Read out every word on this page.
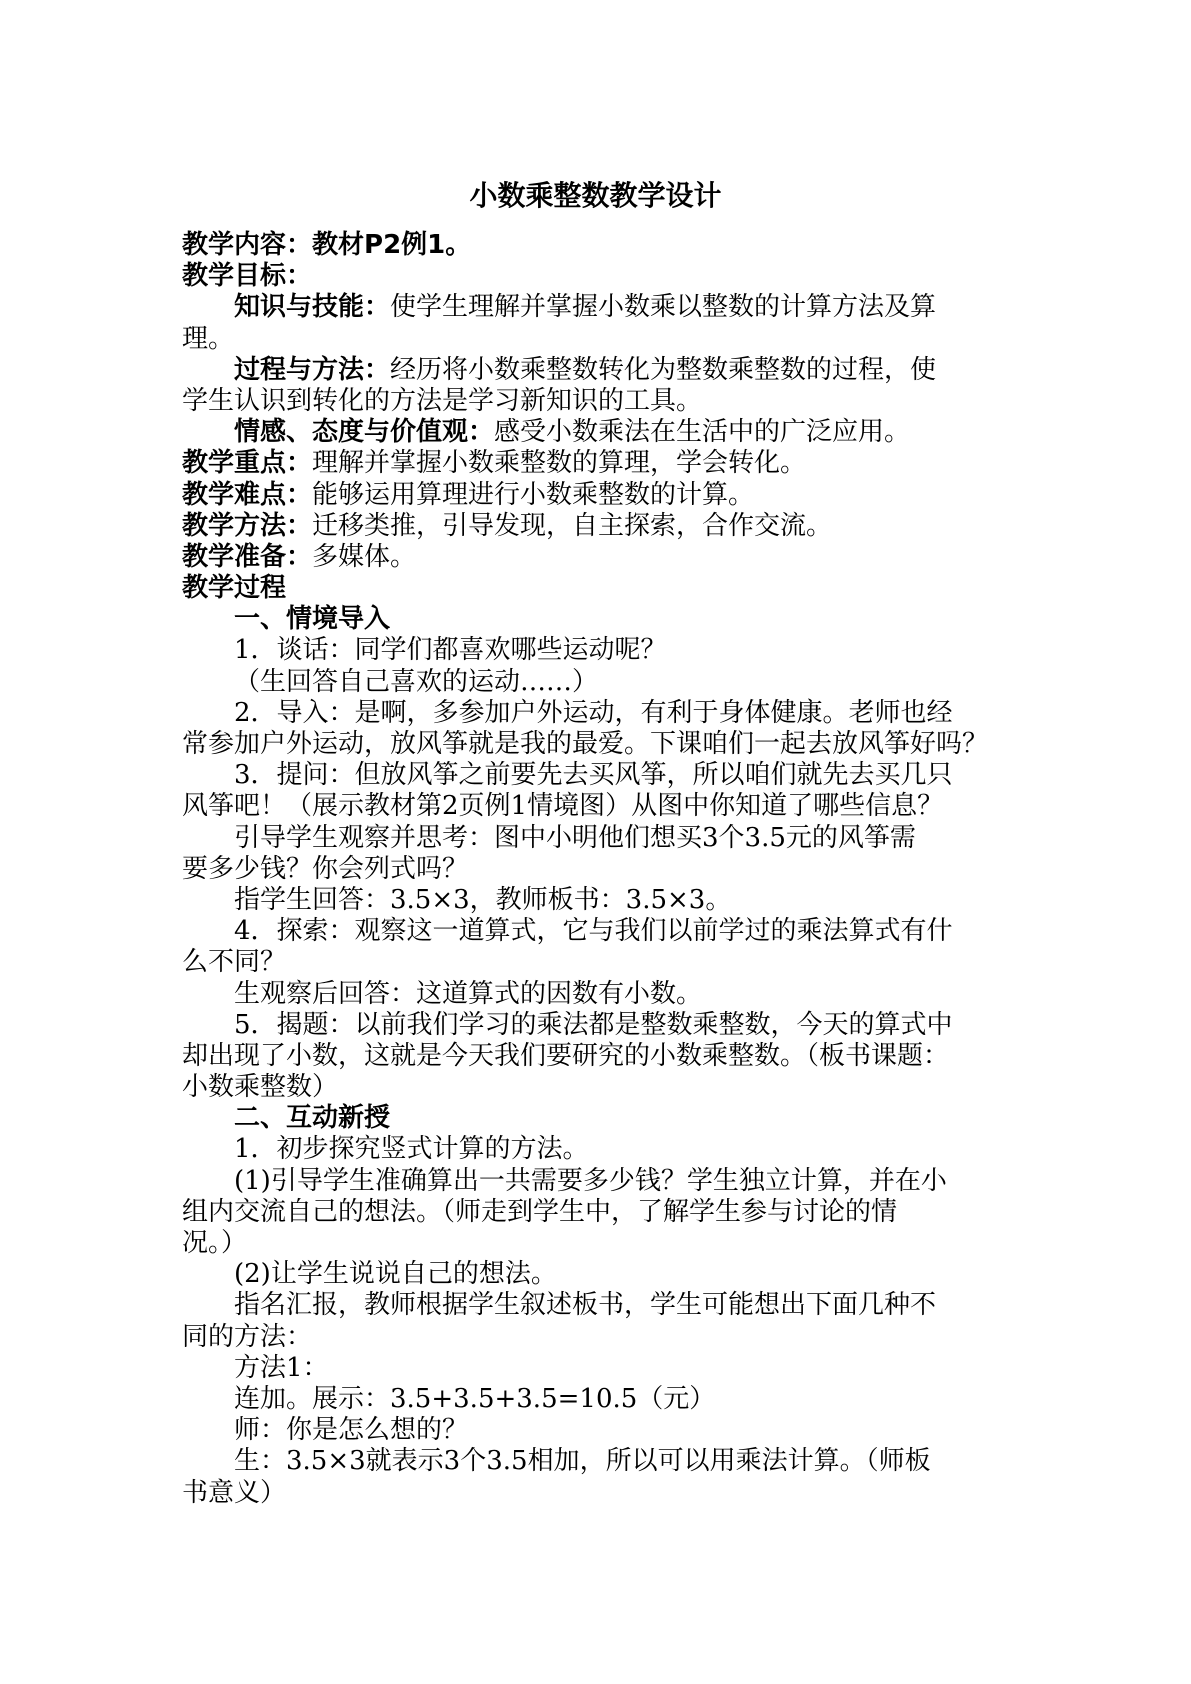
小数乘整数教学设计
教学内容：教材P2例1。
教学目标：
知识与技能：使学生理解并掌握小数乘以整数的计算方法及算
理。
过程与方法：经历将小数乘整数转化为整数乘整数的过程，使
学生认识到转化的方法是学习新知识的工具。
情感、态度与价值观：感受小数乘法在生活中的广泛应用。
教学重点：理解并掌握小数乘整数的算理，学会转化。
教学难点：能够运用算理进行小数乘整数的计算。
教学方法：迁移类推，引导发现，自主探索，合作交流。
教学准备：多媒体。
教学过程
一、情境导入
1．谈话：同学们都喜欢哪些运动呢？
（生回答自己喜欢的运动……）
2．导入：是啊，多参加户外运动，有利于身体健康。老师也经
常参加户外运动，放风筝就是我的最爱。下课咱们一起去放风筝好吗？
3．提问：但放风筝之前要先去买风筝，所以咱们就先去买几只
风筝吧！（展示教材第2页例1情境图）从图中你知道了哪些信息？
引导学生观察并思考：图中小明他们想买3个3.5元的风筝需
要多少钱？你会列式吗？
指学生回答：3.5×3，教师板书：3.5×3。
4．探索：观察这一道算式，它与我们以前学过的乘法算式有什
么不同？
生观察后回答：这道算式的因数有小数。
5．揭题：以前我们学习的乘法都是整数乘整数，今天的算式中
却出现了小数，这就是今天我们要研究的小数乘整数。（板书课题：
小数乘整数）
二、互动新授
1．初步探究竖式计算的方法。
(1)引导学生准确算出一共需要多少钱？学生独立计算，并在小
组内交流自己的想法。（师走到学生中，了解学生参与讨论的情
况。）
(2)让学生说说自己的想法。
指名汇报，教师根据学生叙述板书，学生可能想出下面几种不
同的方法：
方法1：
连加。展示：3.5+3.5+3.5=10.5（元）
师：你是怎么想的？
生：3.5×3就表示3个3.5相加，所以可以用乘法计算。（师板
书意义）
